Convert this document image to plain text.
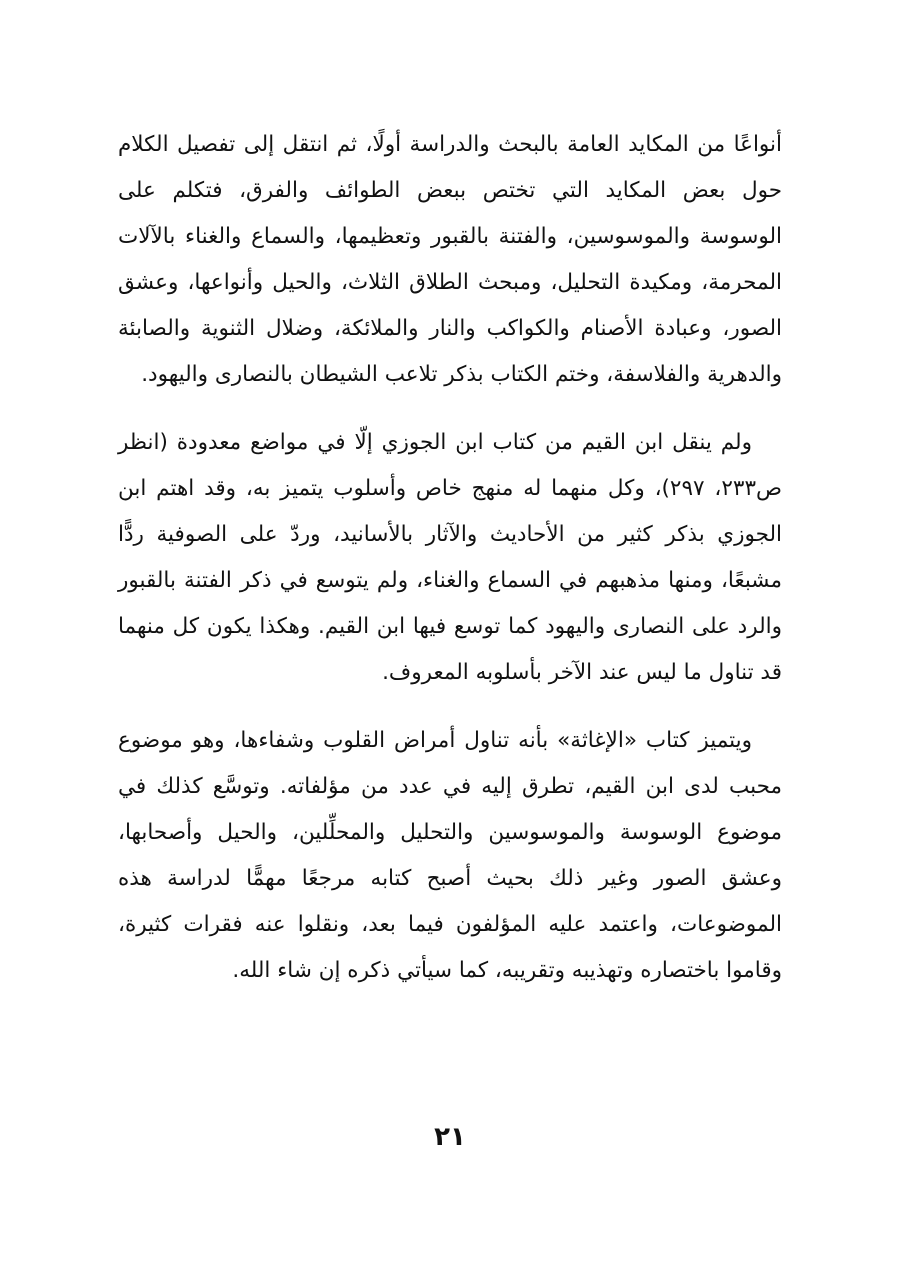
أنواعًا من المكايد العامة بالبحث والدراسة أولًا، ثم انتقل إلى تفصيل الكلام حول بعض المكايد التي تختص ببعض الطوائف والفرق، فتكلم على الوسوسة والموسوسين، والفتنة بالقبور وتعظيمها، والسماع والغناء بالآلات المحرمة، ومكيدة التحليل، ومبحث الطلاق الثلاث، والحيل وأنواعها، وعشق الصور، وعبادة الأصنام والكواكب والنار والملائكة، وضلال الثنوية والصابئة والدهرية والفلاسفة، وختم الكتاب بذكر تلاعب الشيطان بالنصارى واليهود.

ولم ينقل ابن القيم من كتاب ابن الجوزي إلّا في مواضع معدودة (انظر ص٢٣٣، ٢٩٧)، وكل منهما له منهج خاص وأسلوب يتميز به، وقد اهتم ابن الجوزي بذكر كثير من الأحاديث والآثار بالأسانيد، وردّ على الصوفية ردًّا مشبعًا، ومنها مذهبهم في السماع والغناء، ولم يتوسع في ذكر الفتنة بالقبور والرد على النصارى واليهود كما توسع فيها ابن القيم. وهكذا يكون كل منهما قد تناول ما ليس عند الآخر بأسلوبه المعروف.

ويتميز كتاب «الإغاثة» بأنه تناول أمراض القلوب وشفاءها، وهو موضوع محبب لدى ابن القيم، تطرق إليه في عدد من مؤلفاته. وتوسَّع كذلك في موضوع الوسوسة والموسوسين والتحليل والمحلِّلين، والحيل وأصحابها، وعشق الصور وغير ذلك بحيث أصبح كتابه مرجعًا مهمًّا لدراسة هذه الموضوعات، واعتمد عليه المؤلفون فيما بعد، ونقلوا عنه فقرات كثيرة، وقاموا باختصاره وتهذيبه وتقريبه، كما سيأتي ذكره إن شاء الله.

٢١
